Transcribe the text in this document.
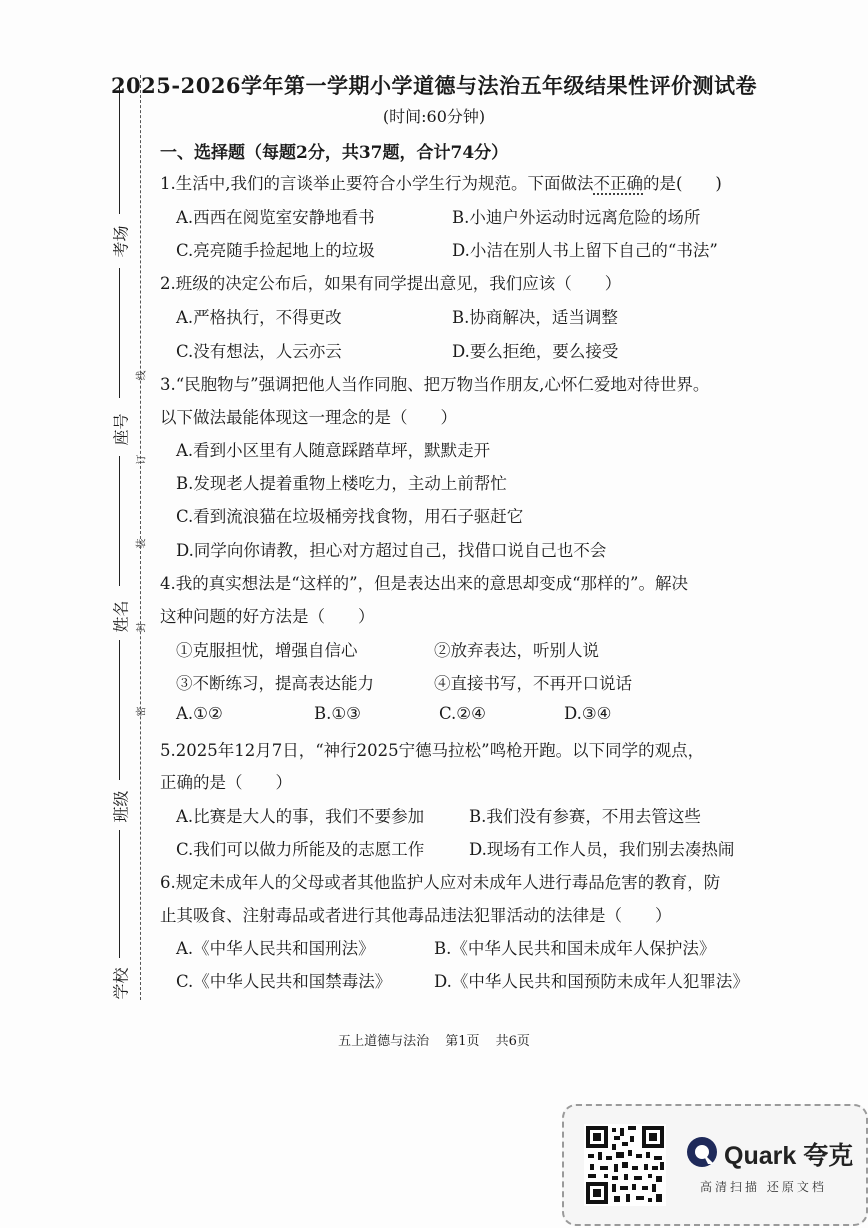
考场
座号
姓名
班级
学校
线
订
装
封
密
2025-2026学年第一学期小学道德与法治五年级结果性评价测试卷
(时间:60分钟)
一、选择题（每题2分，共37题，合计74分）
1.生活中,我们的言谈举止要符合小学生行为规范。下面做法不正确的是(　　)
A.西西在阅览室安静地看书	B.小迪户外运动时远离危险的场所
C.亮亮随手捡起地上的垃圾	D.小洁在别人书上留下自己的“书法”
2.班级的决定公布后，如果有同学提出意见，我们应该（　　）
A.严格执行，不得更改	B.协商解决，适当调整
C.没有想法，人云亦云	D.要么拒绝，要么接受
3.“民胞物与”强调把他人当作同胞、把万物当作朋友,心怀仁爱地对待世界。
以下做法最能体现这一理念的是（　　）
A.看到小区里有人随意踩踏草坪，默默走开
B.发现老人提着重物上楼吃力，主动上前帮忙
C.看到流浪猫在垃圾桶旁找食物，用石子驱赶它
D.同学向你请教，担心对方超过自己，找借口说自己也不会
4.我的真实想法是“这样的”，但是表达出来的意思却变成“那样的”。解决
这种问题的好方法是（　　）
①克服担忧，增强自信心	②放弃表达，听别人说
③不断练习，提高表达能力	④直接书写，不再开口说话
A.①②	B.①③	C.②④	D.③④
5.2025年12月7日，“神行2025宁德马拉松”鸣枪开跑。以下同学的观点，
正确的是（　　）
A.比赛是大人的事，我们不要参加	B.我们没有参赛，不用去管这些
C.我们可以做力所能及的志愿工作	D.现场有工作人员，我们别去凑热闹
6.规定未成年人的父母或者其他监护人应对未成年人进行毒品危害的教育，防
止其吸食、注射毒品或者进行其他毒品违法犯罪活动的法律是（　　）
A.《中华人民共和国刑法》	B.《中华人民共和国未成年人保护法》
C.《中华人民共和国禁毒法》	D.《中华人民共和国预防未成年人犯罪法》
五上道德与法治 第1页 共6页
Quark 夸克
高清扫描 还原文档
